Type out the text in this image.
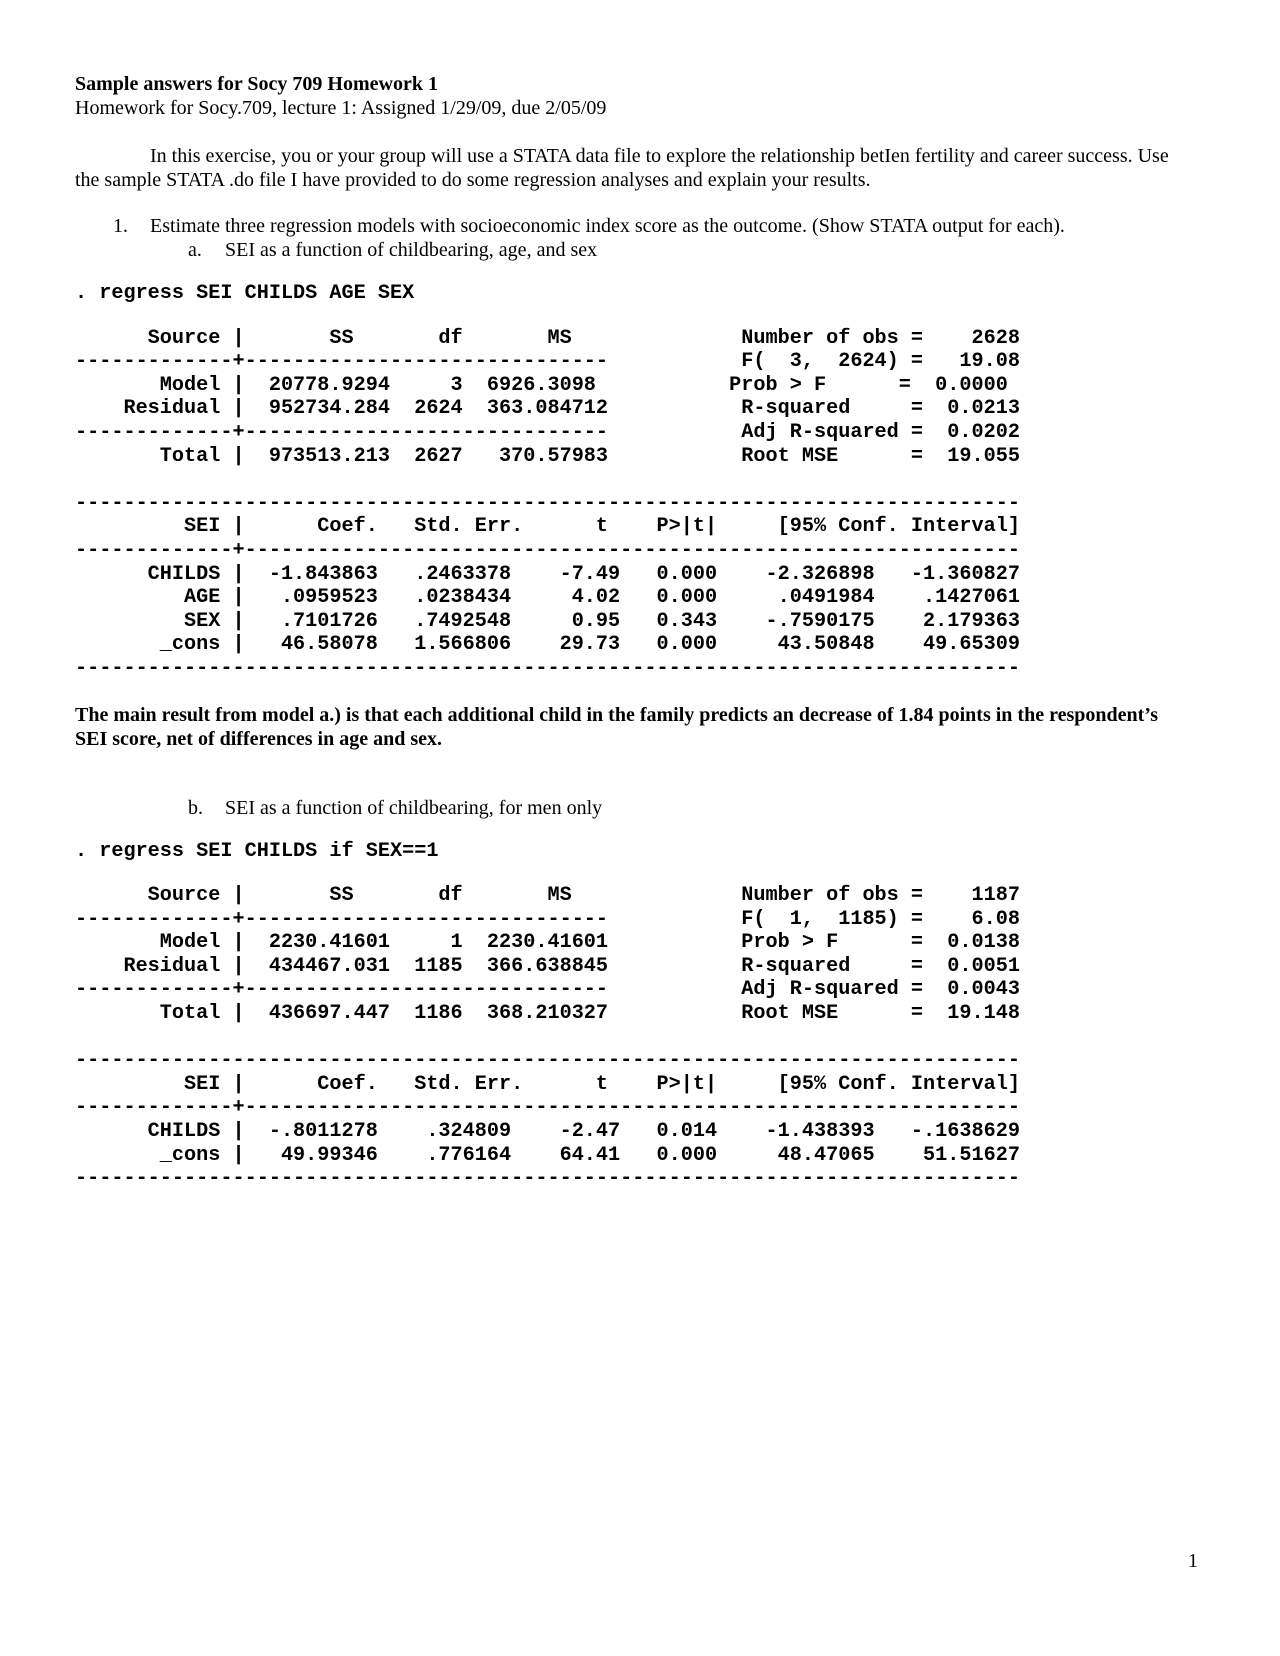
Sample answers for Socy 709 Homework 1
Homework for Socy.709, lecture 1: Assigned 1/29/09, due 2/05/09
In this exercise, you or your group will use a STATA data file to explore the relationship betIen fertility and career success. Use the sample STATA .do file I have provided to do some regression analyses and explain your results.
1. Estimate three regression models with socioeconomic index score as the outcome. (Show STATA output for each).
a. SEI as a function of childbearing, age, and sex
. regress SEI CHILDS AGE SEX
Source |       SS       df       MS              Number of obs =    2628
-------------+------------------------------           F(  3,  2624) =   19.08
Model |  20778.9294     3  6926.3098           Prob > F      =  0.0000
Residual |  952734.284  2624  363.084712           R-squared     =  0.0213
-------------+------------------------------           Adj R-squared =  0.0202
Total |  973513.213  2627   370.57983           Root MSE      =  19.055

------------------------------------------------------------------------------
SEI |      Coef.   Std. Err.      t    P>|t|     [95% Conf. Interval]
-------------+----------------------------------------------------------------
CHILDS |  -1.843863   .2463378    -7.49   0.000    -2.326898   -1.360827
AGE |   .0959523   .0238434     4.02   0.000     .0491984    .1427061
SEX |   .7101726   .7492548     0.95   0.343    -.7590175    2.179363
_cons |   46.58078   1.566806    29.73   0.000     43.50848    49.65309
------------------------------------------------------------------------------
The main result from model a.) is that each additional child in the family predicts an decrease of 1.84 points in the respondent’s SEI score, net of differences in age and sex.
b. SEI as a function of childbearing, for men only
. regress SEI CHILDS if SEX==1
Source |       SS       df       MS              Number of obs =    1187
-------------+------------------------------           F(  1,  1185) =    6.08
Model |  2230.41601     1  2230.41601           Prob > F      =  0.0138
Residual |  434467.031  1185  366.638845           R-squared     =  0.0051
-------------+------------------------------           Adj R-squared =  0.0043
Total |  436697.447  1186  368.210327           Root MSE      =  19.148

------------------------------------------------------------------------------
SEI |      Coef.   Std. Err.      t    P>|t|     [95% Conf. Interval]
-------------+----------------------------------------------------------------
CHILDS |  -.8011278    .324809    -2.47   0.014    -1.438393   -.1638629
_cons |   49.99346    .776164    64.41   0.000     48.47065    51.51627
------------------------------------------------------------------------------
1
